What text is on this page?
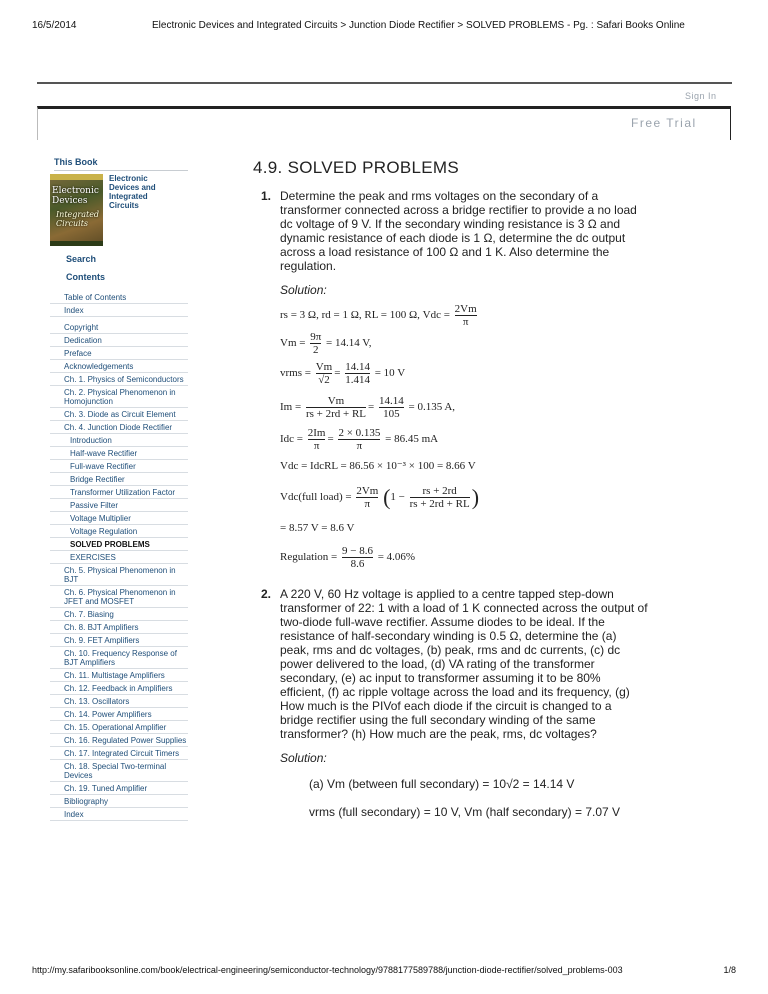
16/5/2014	Electronic Devices and Integrated Circuits > Junction Diode Rectifier > SOLVED PROBLEMS - Pg. : Safari Books Online
Sign In
Free Trial
This Book
Electronic Devices
Integrated Circuits
Electronic Devices and Integrated Circuits
Search
Contents
Table of Contents
Index
Copyright
Dedication
Preface
Acknowledgements
Ch. 1. Physics of Semiconductors
Ch. 2. Physical Phenomenon in Homojunction
Ch. 3. Diode as Circuit Element
Ch. 4. Junction Diode Rectifier
Introduction
Half-wave Rectifier
Full-wave Rectifier
Bridge Rectifier
Transformer Utilization Factor
Passive Filter
Voltage Multiplier
Voltage Regulation
SOLVED PROBLEMS
EXERCISES
Ch. 5. Physical Phenomenon in BJT
Ch. 6. Physical Phenomenon in JFET and MOSFET
Ch. 7. Biasing
Ch. 8. BJT Amplifiers
Ch. 9. FET Amplifiers
Ch. 10. Frequency Response of BJT Amplifiers
Ch. 11. Multistage Amplifiers
Ch. 12. Feedback in Amplifiers
Ch. 13. Oscillators
Ch. 14. Power Amplifiers
Ch. 15. Operational Amplifier
Ch. 16. Regulated Power Supplies
Ch. 17. Integrated Circuit Timers
Ch. 18. Special Two-terminal Devices
Ch. 19. Tuned Amplifier
Bibliography
Index
4.9. SOLVED PROBLEMS
1. Determine the peak and rms voltages on the secondary of a transformer connected across a bridge rectifier to provide a no load dc voltage of 9 V. If the secondary winding resistance is 3 Ω and dynamic resistance of each diode is 1 Ω, determine the dc output across a load resistance of 100 Ω and 1 K. Also determine the regulation.
Solution:
rs = 3 Ω, rd = 1 Ω, RL = 100 Ω, Vdc = $\frac{2Vm}{\pi}$
$Vm = \frac{9\pi}{2} = 14.14$ V,
vrms = $\frac{Vm}{√2} = \frac{14.14}{1.414} = 10$ V
$Im = \frac{Vm}{rs + 2rd + RL} = \frac{14.14}{105} = 0.135$ A,
Idc = $\frac{2Im}{\pi} = \frac{2 \times 0.135}{\pi} = 86.45$ mA
Vdc = IdcRL = 86.56 × 10⁻³ × 100 = 8.66 V
Vdc(full load) = $\frac{2Vm}{\pi} (1 - \frac{rs + 2rd}{rs + 2rd + RL}$ )
= 8.57 V = 8.6 V
Regulation = $\frac{9 - 8.6}{8.6} = 4.06\%$
2. A 220 V, 60 Hz voltage is applied to a centre tapped step-down transformer of 22: 1 with a load of 1 K connected across the output of two-diode full-wave rectifier. Assume diodes to be ideal. If the resistance of half-secondary winding is 0.5 Ω, determine the (a) peak, rms and dc voltages, (b) peak, rms and dc currents, (c) dc power delivered to the load, (d) VA rating of the transformer secondary, (e) ac input to transformer assuming it to be 80% efficient, (f) ac ripple voltage across the load and its frequency, (g) How much is the PIVof each diode if the circuit is changed to a bridge rectifier using the full secondary winding of the same transformer? (h) How much are the peak, rms, dc voltages?
Solution:
(a) Vm (between full secondary) = 10√2 = 14.14 V
vrms (full secondary) = 10 V, Vm (half secondary) = 7.07 V
http://my.safaribooksonline.com/book/electrical-engineering/semiconductor-technology/9788177589788/junction-diode-rectifier/solved_problems-003	1/8
